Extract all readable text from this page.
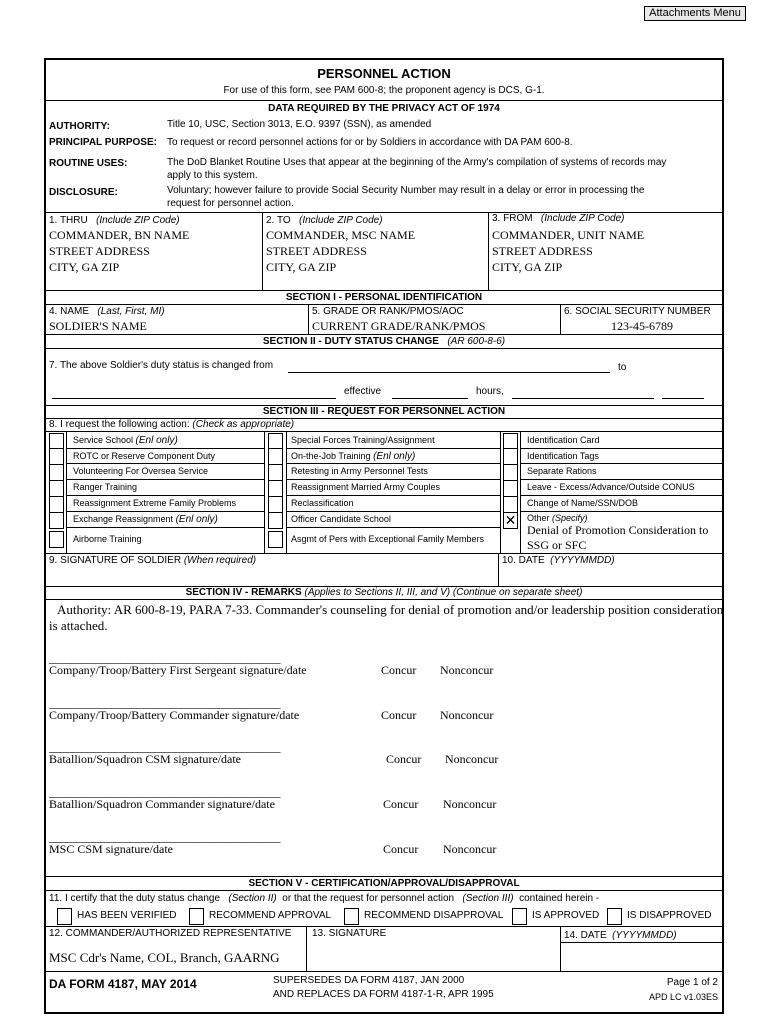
Attachments Menu
PERSONNEL ACTION
For use of this form, see PAM 600-8; the proponent agency is DCS, G-1.
DATA REQUIRED BY THE PRIVACY ACT OF 1974
AUTHORITY:	Title 10, USC, Section 3013, E.O. 9397 (SSN), as amended
PRINCIPAL PURPOSE: To request or record personnel actions for or by Soldiers in accordance with DA PAM 600-8.
ROUTINE USES:	The DoD Blanket Routine Uses that appear at the beginning of the Army's compilation of systems of records may
apply to this system.
DISCLOSURE:	Voluntary; however failure to provide Social Security Number may result in a delay or error in processing the
request for personnel action.
1. THRU (Include ZIP Code)
COMMANDER, BN NAME
STREET ADDRESS
CITY, GA ZIP
2. TO (Include ZIP Code)
COMMANDER, MSC NAME
STREET ADDRESS
CITY, GA ZIP
3. FROM (Include ZIP Code)
COMMANDER, UNIT NAME
STREET ADDRESS
CITY, GA ZIP
SECTION I - PERSONAL IDENTIFICATION
4. NAME (Last, First, MI)
SOLDIER'S NAME
5. GRADE OR RANK/PMOS/AOC
CURRENT GRADE/RANK/PMOS
6. SOCIAL SECURITY NUMBER
123-45-6789
SECTION II - DUTY STATUS CHANGE (AR 600-8-6)
7. The above Soldier's duty status is changed from	to
effective	hours,
SECTION III - REQUEST FOR PERSONNEL ACTION
8. I request the following action: (Check as appropriate)
Service School (Enl only)
ROTC or Reserve Component Duty
Volunteering For Oversea Service
Ranger Training
Reassignment Extreme Family Problems
Exchange Reassignment (Enl only)
Airborne Training
Special Forces Training/Assignment
On-the-Job Training (Enl only)
Retesting in Army Personnel Tests
Reassignment Married Army Couples
Reclassification
Officer Candidate School
Asgmt of Pers with Exceptional Family Members
Identification Card
Identification Tags
Separate Rations
Leave - Excess/Advance/Outside CONUS
Change of Name/SSN/DOB
✕ Other (Specify)
Denial of Promotion Consideration to
SSG or SFC
9. SIGNATURE OF SOLDIER (When required)	10. DATE (YYYYMMDD)
SECTION IV - REMARKS (Applies to Sections II, III, and V) (Continue on separate sheet)
Authority: AR 600-8-19, PARA 7-33. Commander's counseling for denial of promotion and/or leadership position consideration
is attached.
__________________________________________
Company/Troop/Battery First Sergeant signature/date	Concur Nonconcur
__________________________________________
Company/Troop/Battery Commander signature/date	Concur Nonconcur
__________________________________________
Batallion/Squadron CSM signature/date	Concur Nonconcur
__________________________________________
Batallion/Squadron Commander signature/date	Concur Nonconcur
__________________________________________
MSC CSM signature/date	Concur Nonconcur
SECTION V - CERTIFICATION/APPROVAL/DISAPPROVAL
11. I certify that the duty status change (Section II) or that the request for personnel action (Section III) contained herein -
HAS BEEN VERIFIED	RECOMMEND APPROVAL	RECOMMEND DISAPPROVAL	IS APPROVED	IS DISAPPROVED
12. COMMANDER/AUTHORIZED REPRESENTATIVE 13. SIGNATURE	14. DATE (YYYYMMDD)
MSC Cdr's Name, COL, Branch, GAARNG
DA FORM 4187, MAY 2014	SUPERSEDES DA FORM 4187, JAN 2000
AND REPLACES DA FORM 4187-1-R, APR 1995
Page 1 of 2
APD LC v1.03ES
